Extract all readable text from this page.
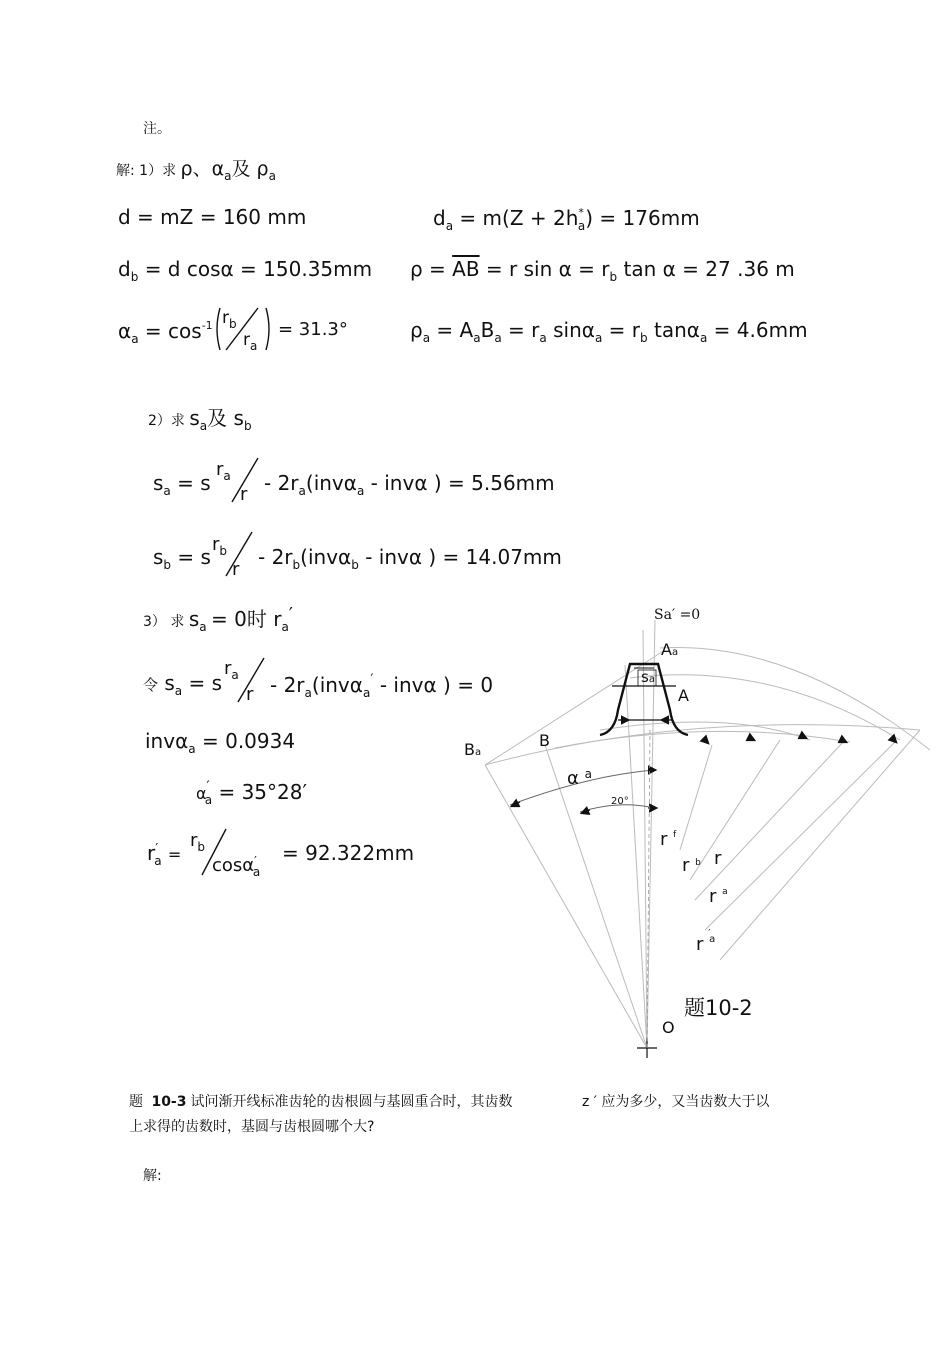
注。
解: 1）求 ρ、αa及 ρa
d = mZ = 160 mm	$d_a = m(Z + 2h^*_a) = 176mm$
$d_b = d$ cosα = 150.35mm $\rho = \overline{AB} = r$ $\sin \alpha = r_b$ tan α = 27 .36 m
$\alpha_a = \cos^{-1} r_b$
$r_a$
= 31.3°	$\rho_a = A_aB_a = r_a$ $\sin\alpha_a = r_b$ tanα$_a$ = 4.6mm
2）求 sa及 sb
$s_a = s$
$r_a$
r - $2r_a(inv\alpha_a$ - invα ) = 5.56mm
$s_b = s$
$r_b$
r
- $2r_b(inv\alpha_b$ - invα ) = 14.07mm
3） 求 sa = 0时 ra′
令 $s_a = s$
$r_a$
r - $2r_a(inv\alpha_a'$ - invα ) = 0
invα$_a$ = 0.0934
$\alpha'_a = 35^\circ 28'$
$r'_a$ =
$r_b$
cosα′$_a$
= 92.322mm
Sa′ =0
Aa
sa
A
B
Ba
α $^a$
20°
r $^f$
r $^b$ r
r $^a$
r $^{a'}$
O
题10-2
题 10-3 试问渐开线标准齿轮的齿根圆与基圆重合时，其齿数	z ′ 应为多少，又当齿数大于以
上求得的齿数时，基圆与齿根圆哪个大?
解:
